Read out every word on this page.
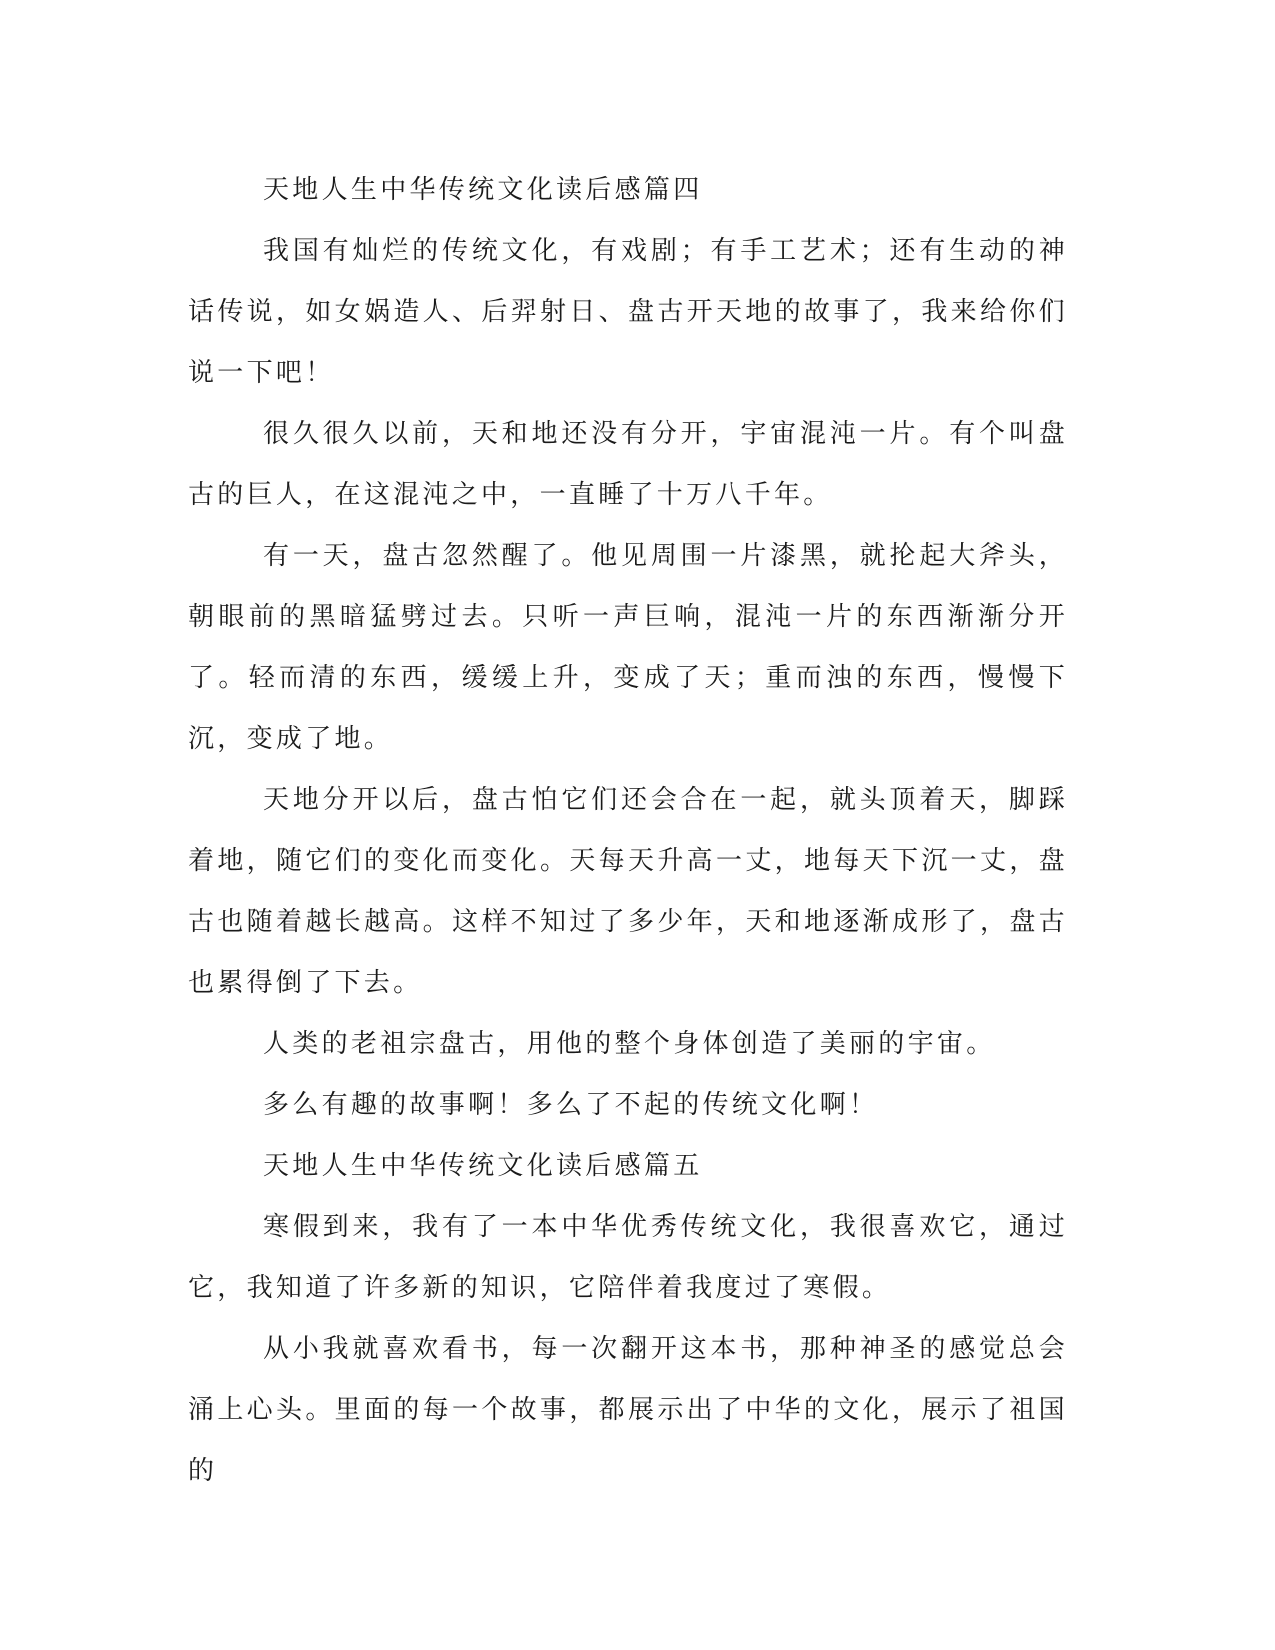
天地人生中华传统文化读后感篇四

我国有灿烂的传统文化，有戏剧；有手工艺术；还有生动的神话传说，如女娲造人、后羿射日、盘古开天地的故事了，我来给你们说一下吧！

很久很久以前，天和地还没有分开，宇宙混沌一片。有个叫盘古的巨人，在这混沌之中，一直睡了十万八千年。

有一天，盘古忽然醒了。他见周围一片漆黑，就抡起大斧头，朝眼前的黑暗猛劈过去。只听一声巨响，混沌一片的东西渐渐分开了。轻而清的东西，缓缓上升，变成了天；重而浊的东西，慢慢下沉，变成了地。

天地分开以后，盘古怕它们还会合在一起，就头顶着天，脚踩着地，随它们的变化而变化。天每天升高一丈，地每天下沉一丈，盘古也随着越长越高。这样不知过了多少年，天和地逐渐成形了，盘古也累得倒了下去。

人类的老祖宗盘古，用他的整个身体创造了美丽的宇宙。

多么有趣的故事啊！多么了不起的传统文化啊！

天地人生中华传统文化读后感篇五

寒假到来，我有了一本中华优秀传统文化，我很喜欢它，通过它，我知道了许多新的知识，它陪伴着我度过了寒假。

从小我就喜欢看书，每一次翻开这本书，那种神圣的感觉总会涌上心头。里面的每一个故事，都展示出了中华的文化，展示了祖国的
